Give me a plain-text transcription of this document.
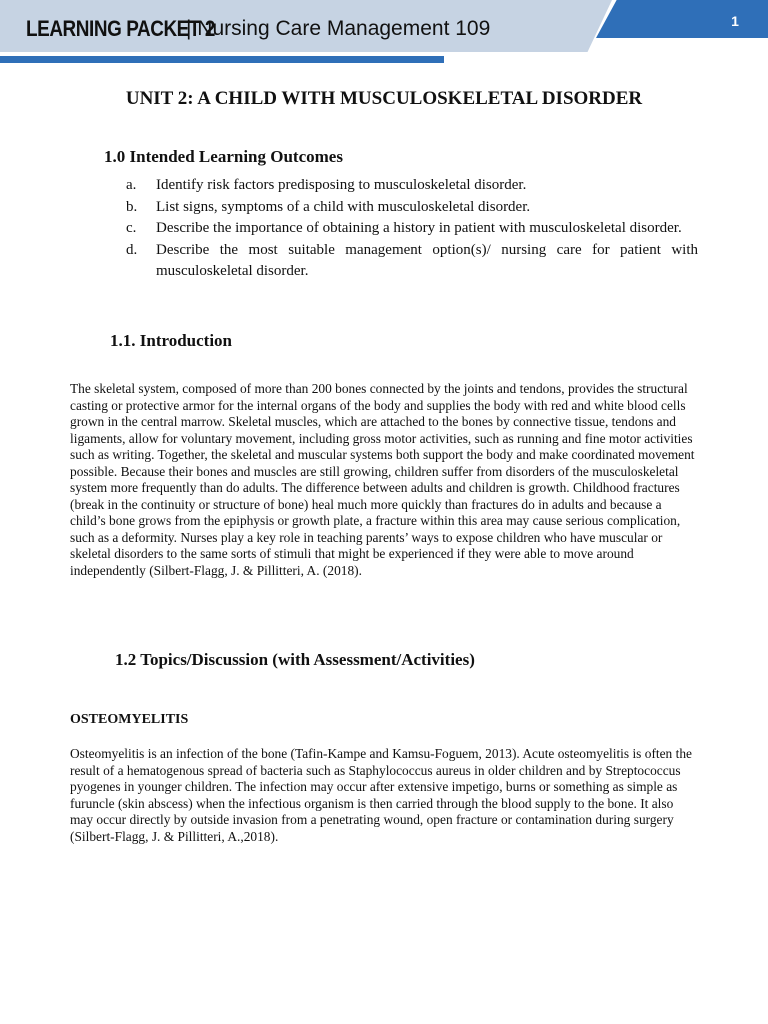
1
LEARNING PACKET 2
| Nursing Care Management 109
UNIT 2: A CHILD WITH MUSCULOSKELETAL DISORDER
1.0 Intended Learning Outcomes
a. Identify risk factors predisposing to musculoskeletal disorder.
b. List signs, symptoms of a child with musculoskeletal disorder.
c. Describe the importance of obtaining a history in patient with musculoskeletal disorder.
d. Describe the most suitable management option(s)/ nursing care for patient with musculoskeletal disorder.
1.1. Introduction

The skeletal system, composed of more than 200 bones connected by the joints and tendons, provides the structural casting or protective armor for the internal organs of the body and supplies the body with red and white blood cells grown in the central marrow. Skeletal muscles, which are attached to the bones by connective tissue, tendons and ligaments, allow for voluntary movement, including gross motor activities, such as running and fine motor activities such as writing. Together, the skeletal and muscular systems both support the body and make coordinated movement possible. Because their bones and muscles are still growing, children suffer from disorders of the musculoskeletal system more frequently than do adults. The difference between adults and children is growth. Childhood fractures (break in the continuity or structure of bone) heal much more quickly than fractures do in adults and because a child’s bone grows from the epiphysis or growth plate, a fracture within this area may cause serious complication, such as a deformity. Nurses play a key role in teaching parents’ ways to expose children who have muscular or skeletal disorders to the same sorts of stimuli that might be experienced if they were able to move around independently (Silbert-Flagg, J. & Pillitteri, A. (2018).

1.2 Topics/Discussion (with Assessment/Activities)
OSTEOMYELITIS

Osteomyelitis is an infection of the bone (Tafin-Kampe and Kamsu-Foguem, 2013). Acute osteomyelitis is often the result of a hematogenous spread of bacteria such as Staphylococcus aureus in older children and by Streptococcus pyogenes in younger children. The infection may occur after extensive impetigo, burns or something as simple as furuncle (skin abscess) when the infectious organism is then carried through the blood supply to the bone. It also may occur directly by outside invasion from a penetrating wound, open fracture or contamination during surgery (Silbert-Flagg, J. & Pillitteri, A.,2018).
